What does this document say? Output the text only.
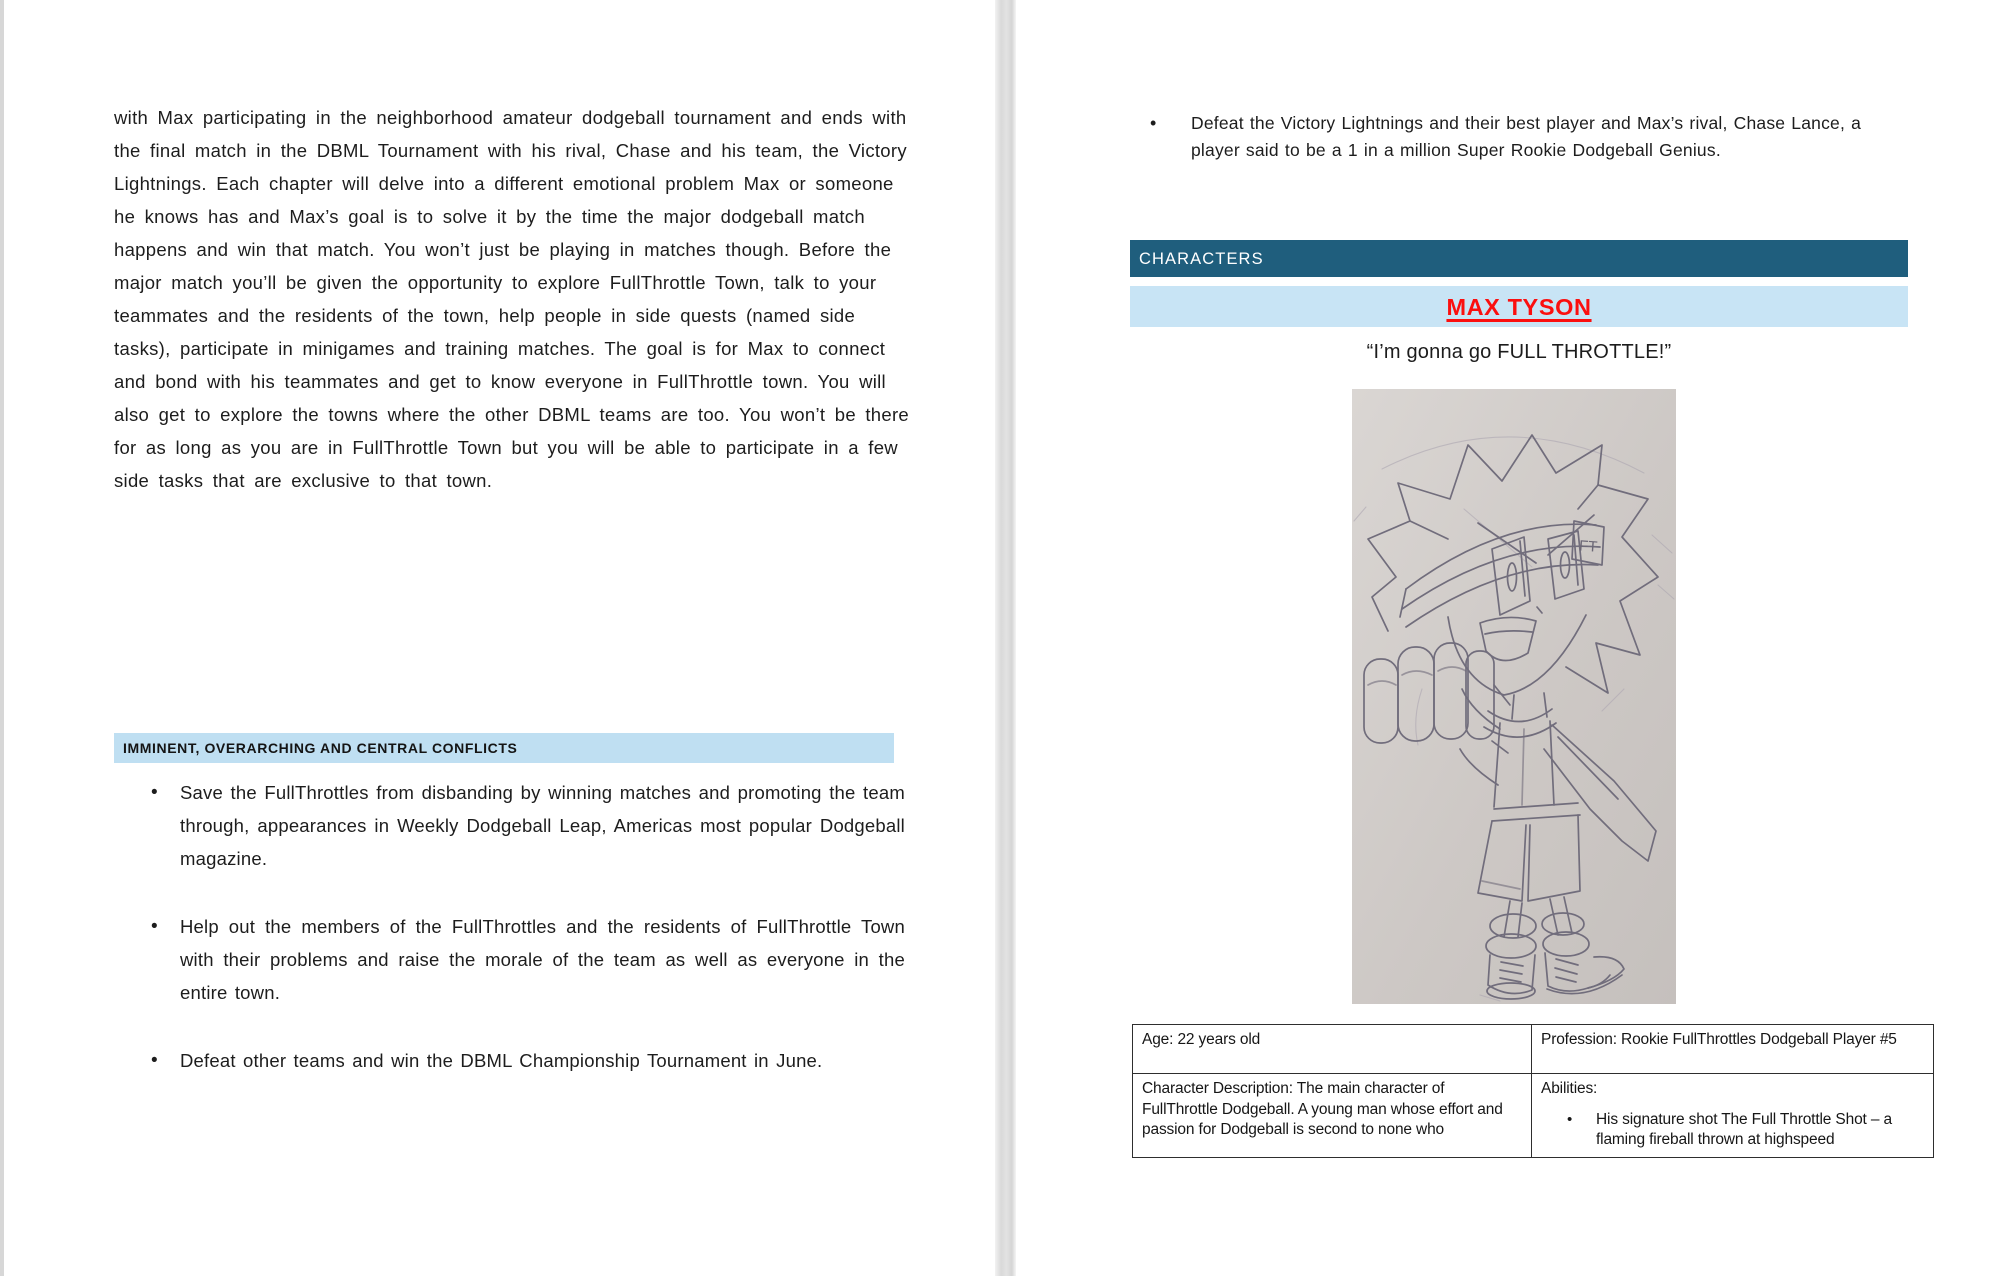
with Max participating in the neighborhood amateur dodgeball tournament and ends with the final match in the DBML Tournament with his rival, Chase and his team, the Victory Lightnings. Each chapter will delve into a different emotional problem Max or someone he knows has and Max’s goal is to solve it by the time the major dodgeball match happens and win that match. You won’t just be playing in matches though. Before the major match you’ll be given the opportunity to explore FullThrottle Town, talk to your teammates and the residents of the town, help people in side quests (named side tasks), participate in minigames and training matches. The goal is for Max to connect and bond with his teammates and get to know everyone in FullThrottle town. You will also get to explore the towns where the other DBML teams are too. You won’t be there for as long as you are in FullThrottle Town but you will be able to participate in a few side tasks that are exclusive to that town.
IMMINENT, OVERARCHING AND CENTRAL CONFLICTS
• Save the FullThrottles from disbanding by winning matches and promoting the team through, appearances in Weekly Dodgeball Leap, Americas most popular Dodgeball magazine.
• Help out the members of the FullThrottles and the residents of FullThrottle Town with their problems and raise the morale of the team as well as everyone in the entire town.
• Defeat other teams and win the DBML Championship Tournament in June.
• Defeat the Victory Lightnings and their best player and Max’s rival, Chase Lance, a player said to be a 1 in a million Super Rookie Dodgeball Genius.
CHARACTERS
MAX TYSON
“I’m gonna go FULL THROTTLE!”
FT
Age: 22 years old	Profession: Rookie FullThrottles Dodgeball Player #5
Character Description: The main character of FullThrottle Dodgeball. A young man whose effort and passion for Dodgeball is second to none who	Abilities:
• His signature shot The Full Throttle Shot – a flaming fireball thrown at highspeed
